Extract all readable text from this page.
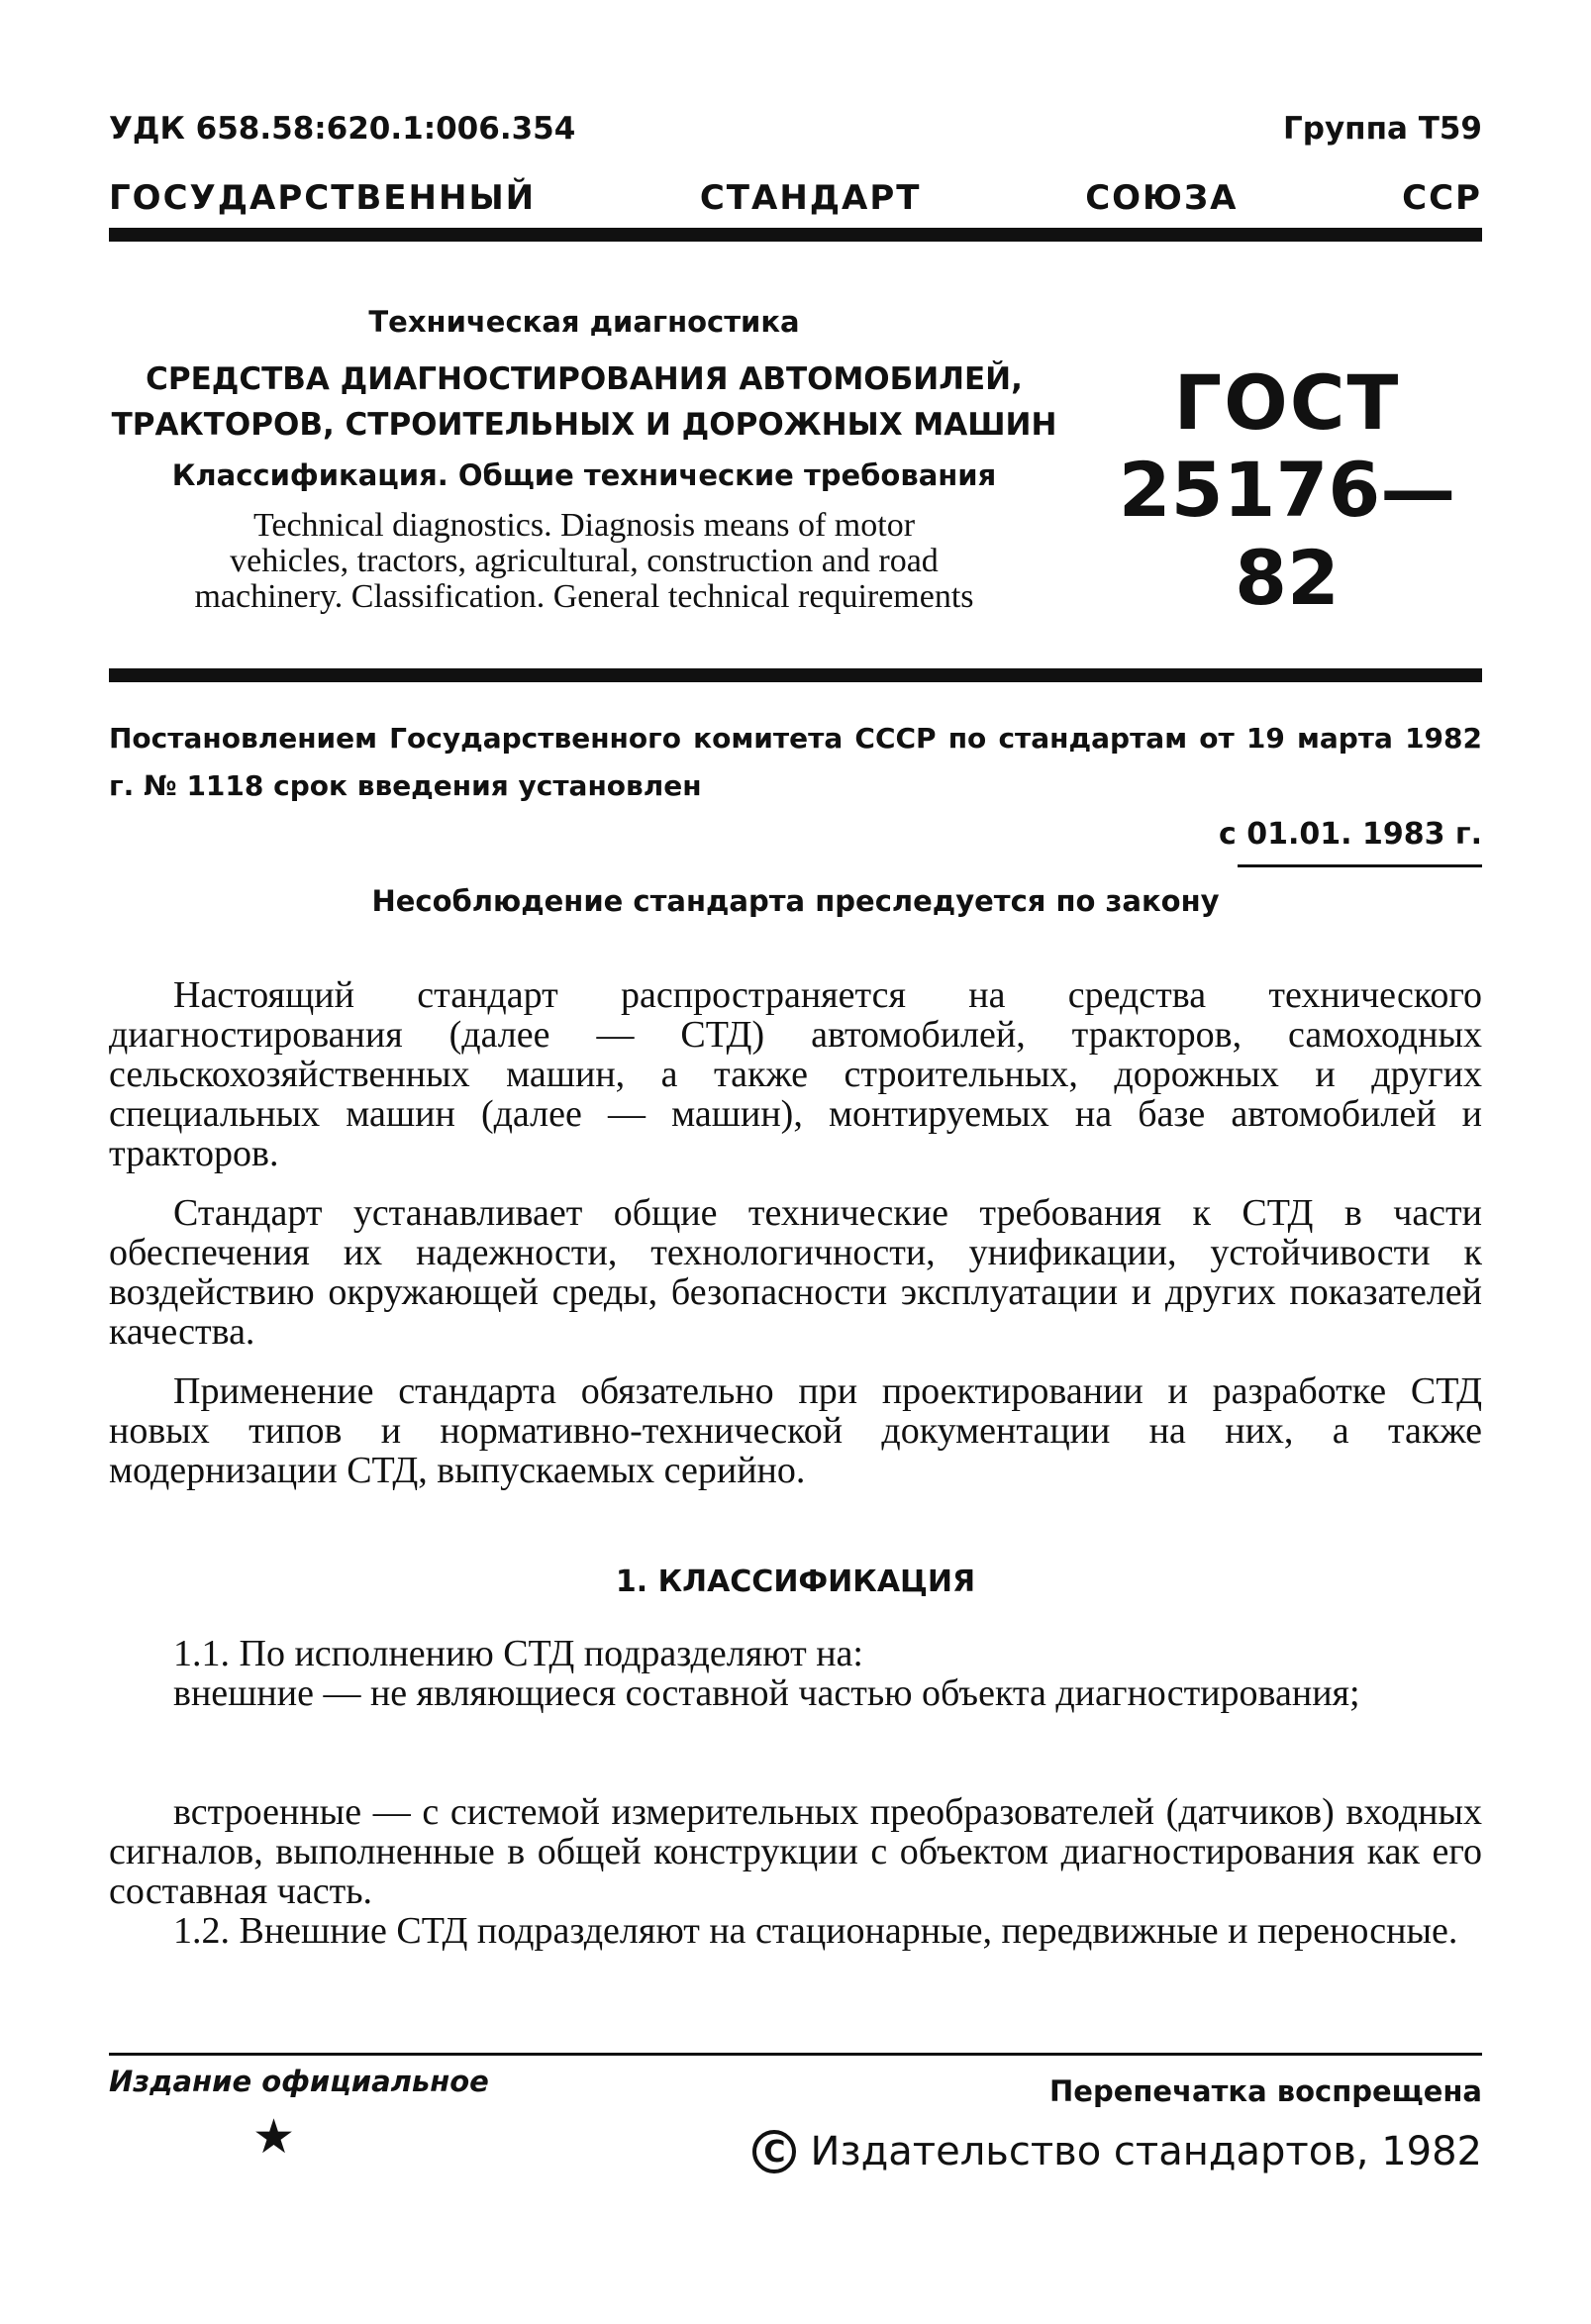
УДК 658.58:620.1:006.354	Группа Т59
ГОСУДАРСТВЕННЫЙ	СТАНДАРТ	СОЮЗА	ССР
Техническая диагностика
СРЕДСТВА ДИАГНОСТИРОВАНИЯ АВТОМОБИЛЕЙ,
ТРАКТОРОВ, СТРОИТЕЛЬНЫХ И ДОРОЖНЫХ МАШИН
Классификация. Общие технические требования
Technical diagnostics. Diagnosis means of motor
vehicles, tractors, agricultural, construction and road
machinery. Classification. General technical requirements
ГОСТ
25176—82
Постановлением Государственного комитета СССР по стандартам от 19 марта 1982 г. № 1118 срок введения установлен
с 01.01. 1983 г.
Несоблюдение стандарта преследуется по закону

Настоящий стандарт распространяется на средства технического диагностирования (далее — СТД) автомобилей, тракторов, самоходных сельскохозяйственных машин, а также строительных, дорожных и других специальных машин (далее — машин), монтируемых на базе автомобилей и тракторов.

Стандарт устанавливает общие технические требования к СТД в части обеспечения их надежности, технологичности, унификации, устойчивости к воздействию окружающей среды, безопасности эксплуатации и других показателей качества.

Применение стандарта обязательно при проектировании и разработке СТД новых типов и нормативно-технической документации на них, а также модернизации СТД, выпускаемых серийно.

1. КЛАССИФИКАЦИЯ

1.1. По исполнению СТД подразделяют на:

внешние — не являющиеся составной частью объекта диагностирования;

встроенные — с системой измерительных преобразователей (датчиков) входных сигналов, выполненные в общей конструкции с объектом диагностирования как его составная часть.

1.2. Внешние СТД подразделяют на стационарные, передвижные и переносные.

Издание официальное	Перепечатка воспрещена
★	C Издательство стандартов, 1982
